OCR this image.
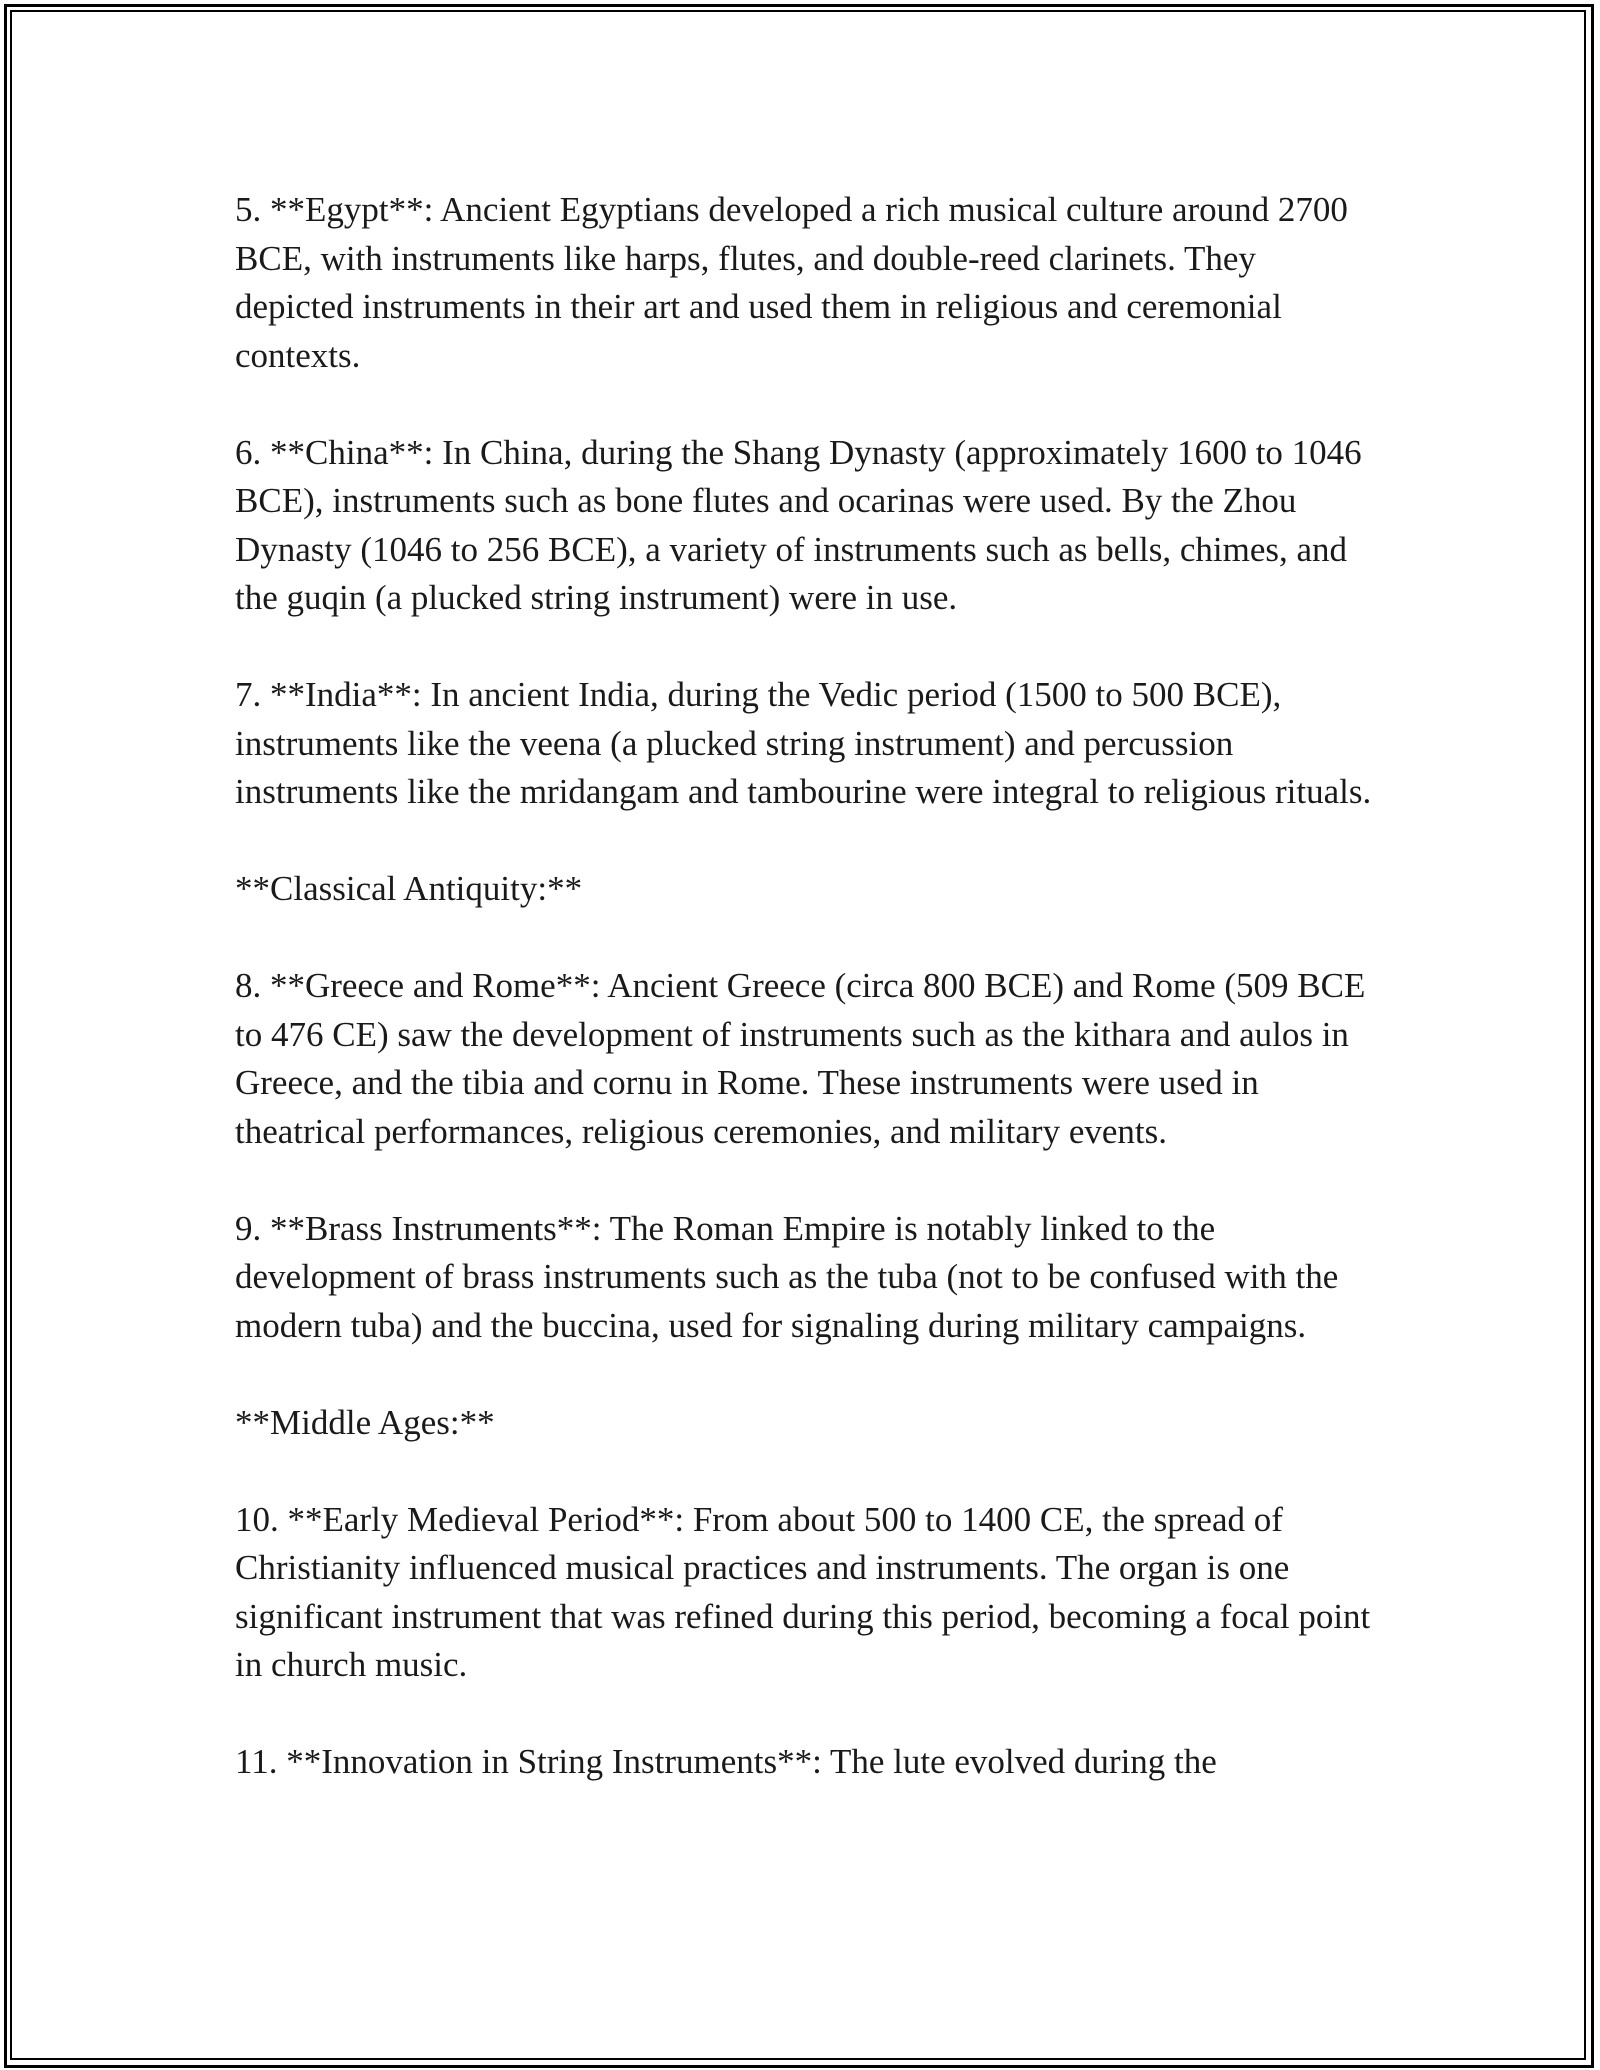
5. **Egypt**: Ancient Egyptians developed a rich musical culture around 2700 BCE, with instruments like harps, flutes, and double-reed clarinets. They depicted instruments in their art and used them in religious and ceremonial contexts.

6. **China**: In China, during the Shang Dynasty (approximately 1600 to 1046 BCE), instruments such as bone flutes and ocarinas were used. By the Zhou Dynasty (1046 to 256 BCE), a variety of instruments such as bells, chimes, and the guqin (a plucked string instrument) were in use.

7. **India**: In ancient India, during the Vedic period (1500 to 500 BCE), instruments like the veena (a plucked string instrument) and percussion instruments like the mridangam and tambourine were integral to religious rituals.

**Classical Antiquity:**

8. **Greece and Rome**: Ancient Greece (circa 800 BCE) and Rome (509 BCE to 476 CE) saw the development of instruments such as the kithara and aulos in Greece, and the tibia and cornu in Rome. These instruments were used in theatrical performances, religious ceremonies, and military events.

9. **Brass Instruments**: The Roman Empire is notably linked to the development of brass instruments such as the tuba (not to be confused with the modern tuba) and the buccina, used for signaling during military campaigns.

**Middle Ages:**

10. **Early Medieval Period**: From about 500 to 1400 CE, the spread of Christianity influenced musical practices and instruments. The organ is one significant instrument that was refined during this period, becoming a focal point in church music.

11. **Innovation in String Instruments**: The lute evolved during the
